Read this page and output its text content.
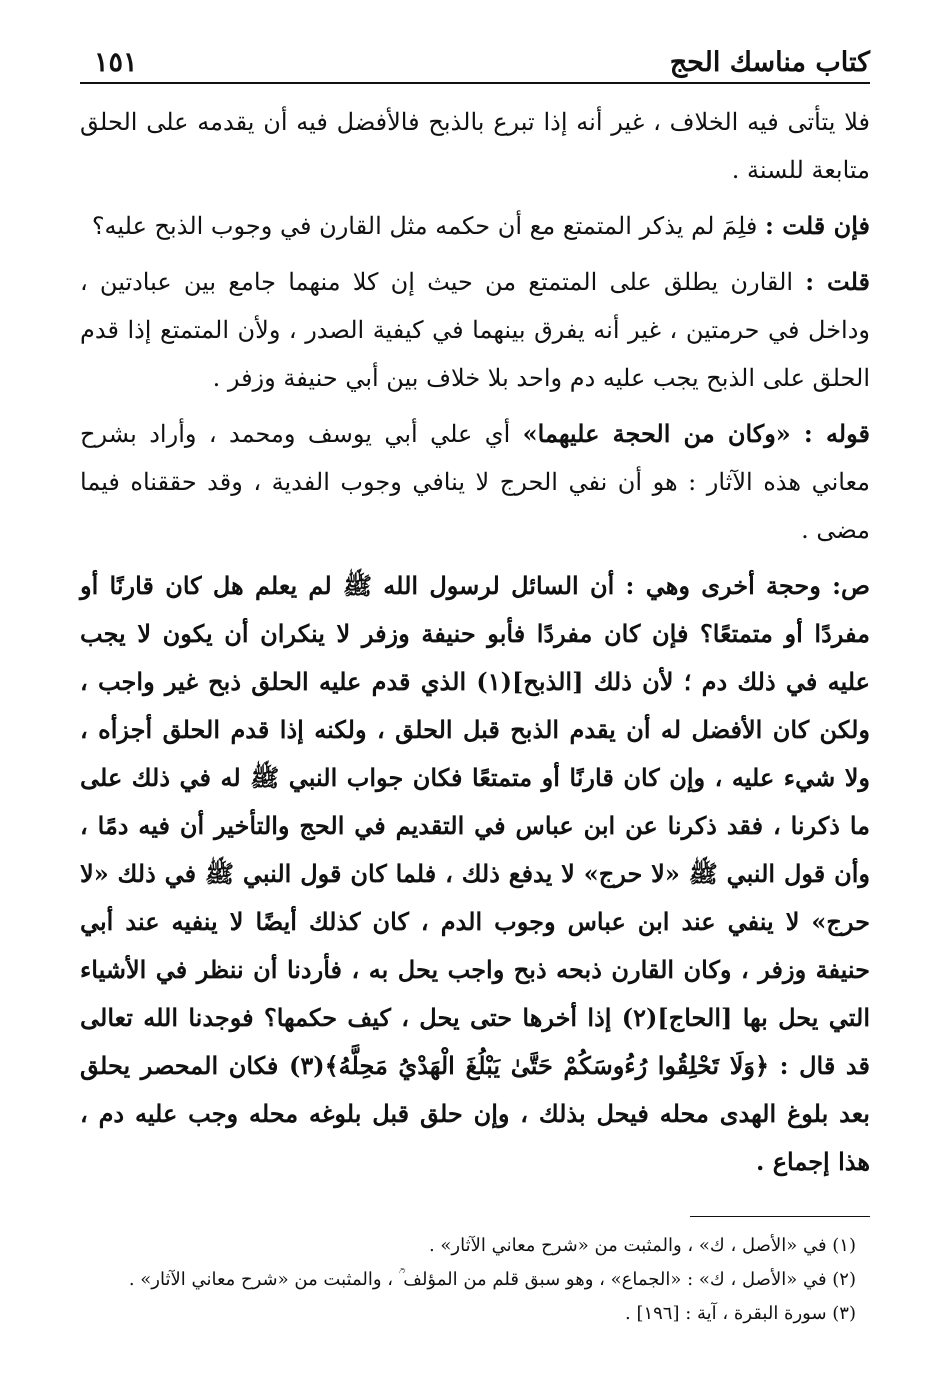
كتاب مناسك الحج
١٥١

فلا يتأتى فيه الخلاف ، غير أنه إذا تبرع بالذبح فالأفضل فيه أن يقدمه على الحلق متابعة للسنة .

فإن قلت : فلِمَ لم يذكر المتمتع مع أن حكمه مثل القارن في وجوب الذبح عليه؟

قلت : القارن يطلق على المتمتع من حيث إن كلا منهما جامع بين عبادتين ، وداخل في حرمتين ، غير أنه يفرق بينهما في كيفية الصدر ، ولأن المتمتع إذا قدم الحلق على الذبح يجب عليه دم واحد بلا خلاف بين أبي حنيفة وزفر .

قوله : «وكان من الحجة عليهما» أي علي أبي يوسف ومحمد ، وأراد بشرح معاني هذه الآثار : هو أن نفي الحرج لا ينافي وجوب الفدية ، وقد حققناه فيما مضى .

ص: وحجة أخرى وهي : أن السائل لرسول الله ﷺ لم يعلم هل كان قارنًا أو مفردًا أو متمتعًا؟ فإن كان مفردًا فأبو حنيفة وزفر لا ينكران أن يكون لا يجب عليه في ذلك دم ؛ لأن ذلك [الذبح](١) الذي قدم عليه الحلق ذبح غير واجب ، ولكن كان الأفضل له أن يقدم الذبح قبل الحلق ، ولكنه إذا قدم الحلق أجزأه ، ولا شيء عليه ، وإن كان قارنًا أو متمتعًا فكان جواب النبي ﷺ له في ذلك على ما ذكرنا ، فقد ذكرنا عن ابن عباس في التقديم في الحج والتأخير أن فيه دمًا ، وأن قول النبي ﷺ «لا حرج» لا يدفع ذلك ، فلما كان قول النبي ﷺ في ذلك «لا حرج» لا ينفي عند ابن عباس وجوب الدم ، كان كذلك أيضًا لا ينفيه عند أبي حنيفة وزفر ، وكان القارن ذبحه ذبح واجب يحل به ، فأردنا أن ننظر في الأشياء التي يحل بها [الحاج](٢) إذا أخرها حتى يحل ، كيف حكمها؟ فوجدنا الله تعالى قد قال : ﴿وَلَا تَحْلِقُوا رُءُوسَكُمْ حَتَّىٰ يَبْلُغَ الْهَدْيُ مَحِلَّهُ﴾(٣) فكان المحصر يحلق بعد بلوغ الهدى محله فيحل بذلك ، وإن حلق قبل بلوغه محله وجب عليه دم ، هذا إجماع .

(١) في «الأصل ، ك» ، والمثبت من «شرح معاني الآثار» .

(٢) في «الأصل ، ك» : «الجماع» ، وهو سبق قلم من المؤلف ؒ ، والمثبت من «شرح معاني الآثار» .

(٣) سورة البقرة ، آية : [١٩٦] .
